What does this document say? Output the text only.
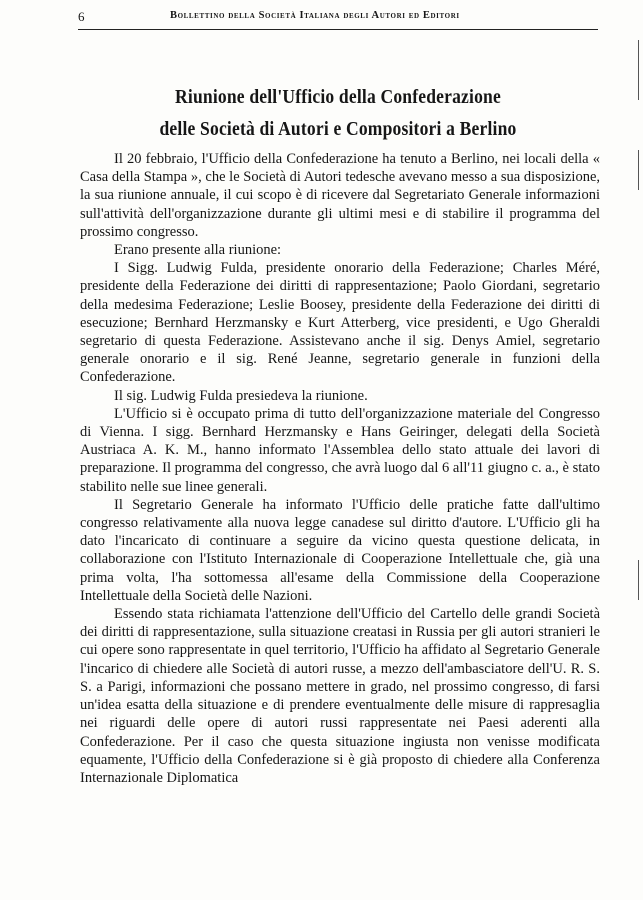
6	Bollettino della Società Italiana degli Autori ed Editori
Riunione dell'Ufficio della Confederazione
delle Società di Autori e Compositori a Berlino

Il 20 febbraio, l'Ufficio della Confederazione ha tenuto a Berlino, nei locali della « Casa della Stampa », che le Società di Autori tedesche avevano messo a sua disposizione, la sua riunione annuale, il cui scopo è di ricevere dal Segretariato Generale informazioni sull'attività dell'organizzazione durante gli ultimi mesi e di stabilire il programma del prossimo congresso.

Erano presente alla riunione:

I Sigg. Ludwig Fulda, presidente onorario della Federazione; Charles Méré, presidente della Federazione dei diritti di rappresentazione; Paolo Giordani, segretario della medesima Federazione; Leslie Boosey, presidente della Federazione dei diritti di esecuzione; Bernhard Herzmansky e Kurt Atterberg, vice presidenti, e Ugo Gheraldi segretario di questa Federazione. Assistevano anche il sig. Denys Amiel, segretario generale onorario e il sig. René Jeanne, segretario generale in funzioni della Confederazione.

Il sig. Ludwig Fulda presiedeva la riunione.

L'Ufficio si è occupato prima di tutto dell'organizzazione materiale del Congresso di Vienna. I sigg. Bernhard Herzmansky e Hans Geiringer, delegati della Società Austriaca A. K. M., hanno informato l'Assemblea dello stato attuale dei lavori di preparazione. Il programma del congresso, che avrà luogo dal 6 all'11 giugno c. a., è stato stabilito nelle sue linee generali.

Il Segretario Generale ha informato l'Ufficio delle pratiche fatte dall'ultimo congresso relativamente alla nuova legge canadese sul diritto d'autore. L'Ufficio gli ha dato l'incaricato di continuare a seguire da vicino questa questione delicata, in collaborazione con l'Istituto Internazionale di Cooperazione Intellettuale che, già una prima volta, l'ha sottomessa all'esame della Commissione della Cooperazione Intellettuale della Società delle Nazioni.

Essendo stata richiamata l'attenzione dell'Ufficio del Cartello delle grandi Società dei diritti di rappresentazione, sulla situazione creatasi in Russia per gli autori stranieri le cui opere sono rappresentate in quel territorio, l'Ufficio ha affidato al Segretario Generale l'incarico di chiedere alle Società di autori russe, a mezzo dell'ambasciatore dell'U. R. S. S. a Parigi, informazioni che possano mettere in grado, nel prossimo congresso, di farsi un'idea esatta della situazione e di prendere eventualmente delle misure di rappresaglia nei riguardi delle opere di autori russi rappresentate nei Paesi aderenti alla Confederazione. Per il caso che questa situazione ingiusta non venisse modificata equamente, l'Ufficio della Confederazione si è già proposto di chiedere alla Conferenza Internazionale Diplomatica
